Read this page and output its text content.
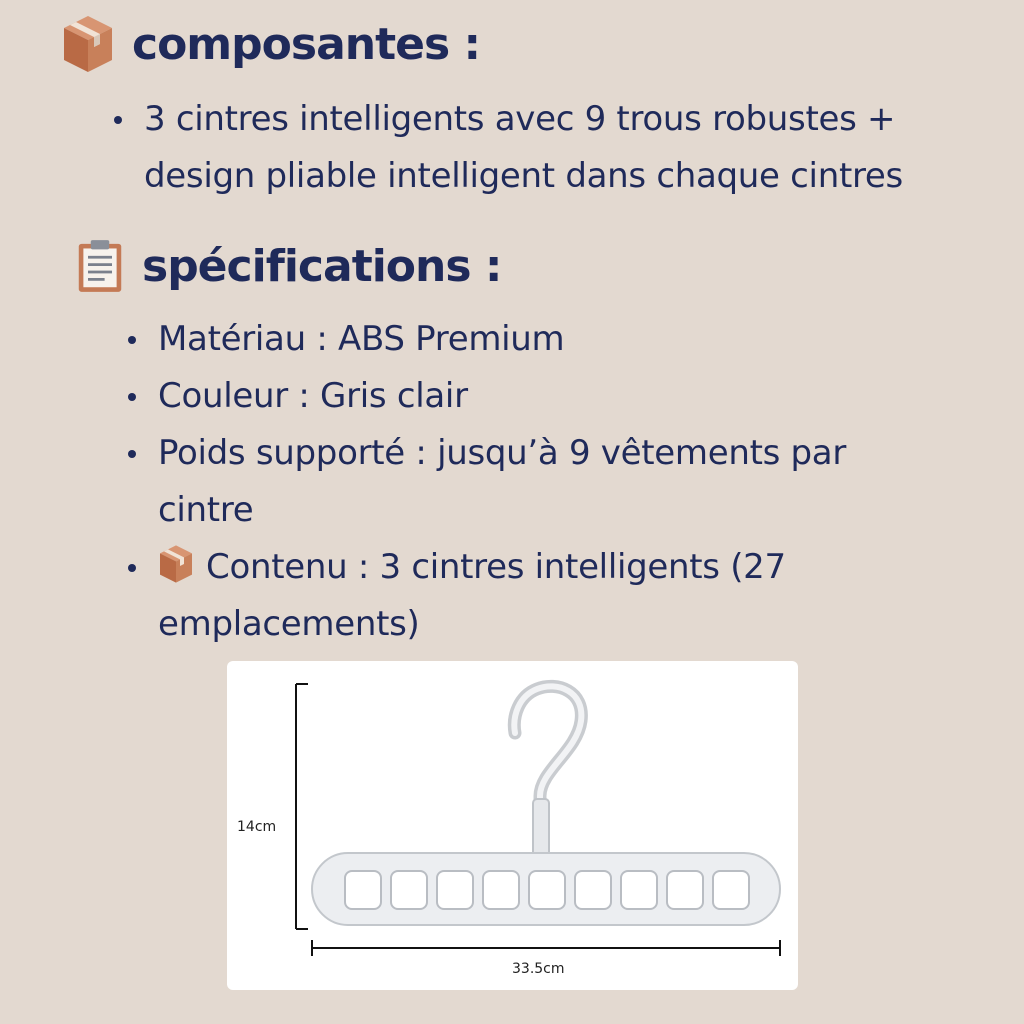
composantes :
3 cintres intelligents avec 9 trous robustes + design pliable intelligent dans chaque cintres
spécifications :
Matériau : ABS Premium
Couleur : Gris clair
Poids supporté : jusqu’à 9 vêtements par cintre
Contenu : 3 cintres intelligents (27 emplacements)
14cm
33.5cm
